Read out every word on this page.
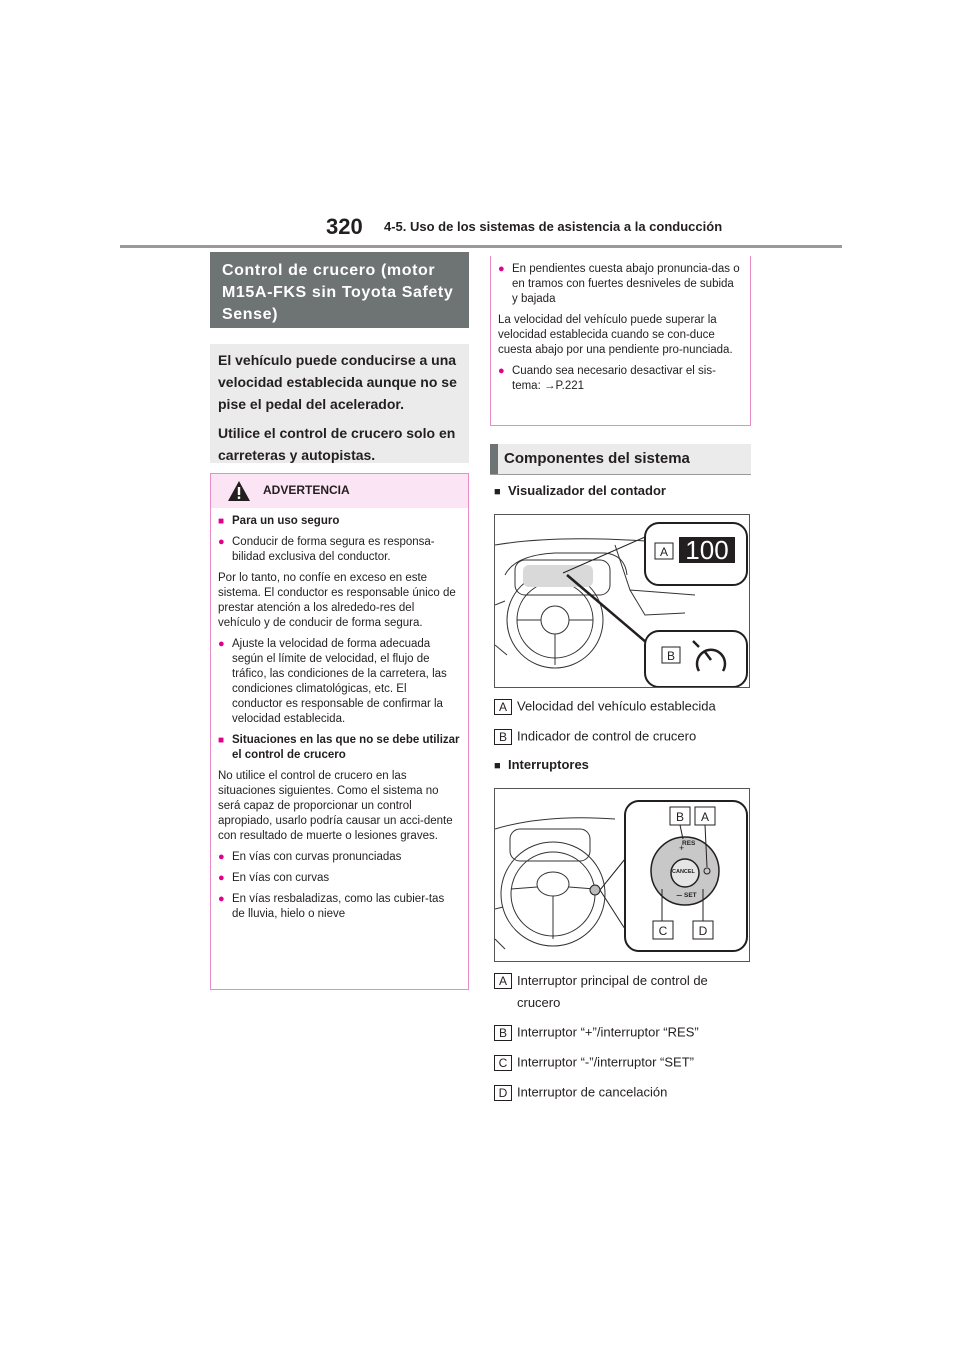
320 4-5. Uso de los sistemas de asistencia a la conducción
Control de crucero (motor M15A-FKS sin Toyota Safety Sense)

El vehículo puede conducirse a una velocidad establecida aunque no se pise el pedal del acelerador.

Utilice el control de crucero solo en carreteras y autopistas.

ADVERTENCIA

■ Para un uso seguro

● Conducir de forma segura es responsa-bilidad exclusiva del conductor.

Por lo tanto, no confíe en exceso en este sistema. El conductor es responsable único de prestar atención a los alrededo-res del vehículo y de conducir de forma segura.

● Ajuste la velocidad de forma adecuada según el límite de velocidad, el flujo de tráfico, las condiciones de la carretera, las condiciones climatológicas, etc. El conductor es responsable de confirmar la velocidad establecida.

■ Situaciones en las que no se debe utilizar el control de crucero

No utilice el control de crucero en las situaciones siguientes. Como el sistema no será capaz de proporcionar un control apropiado, usarlo podría causar un acci-dente con resultado de muerte o lesiones graves.

● En vías con curvas pronunciadas

● En vías con curvas

● En vías resbaladizas, como las cubier-tas de lluvia, hielo o nieve

● En pendientes cuesta abajo pronuncia-das o en tramos con fuertes desniveles de subida y bajada

La velocidad del vehículo puede superar la velocidad establecida cuando se con-duce cuesta abajo por una pendiente pro-nunciada.

● Cuando sea necesario desactivar el sis-tema: →P.221

Componentes del sistema
■ Visualizador del contador
A
B
100
A Velocidad del vehículo establecida
B Indicador de control de crucero
■ Interruptores
+
−
B A
C	D
RES
CANCEL
SET
A Interruptor principal de control de crucero
B Interruptor “+”/interruptor “RES”
C Interruptor “-”/interruptor “SET”
D Interruptor de cancelación
